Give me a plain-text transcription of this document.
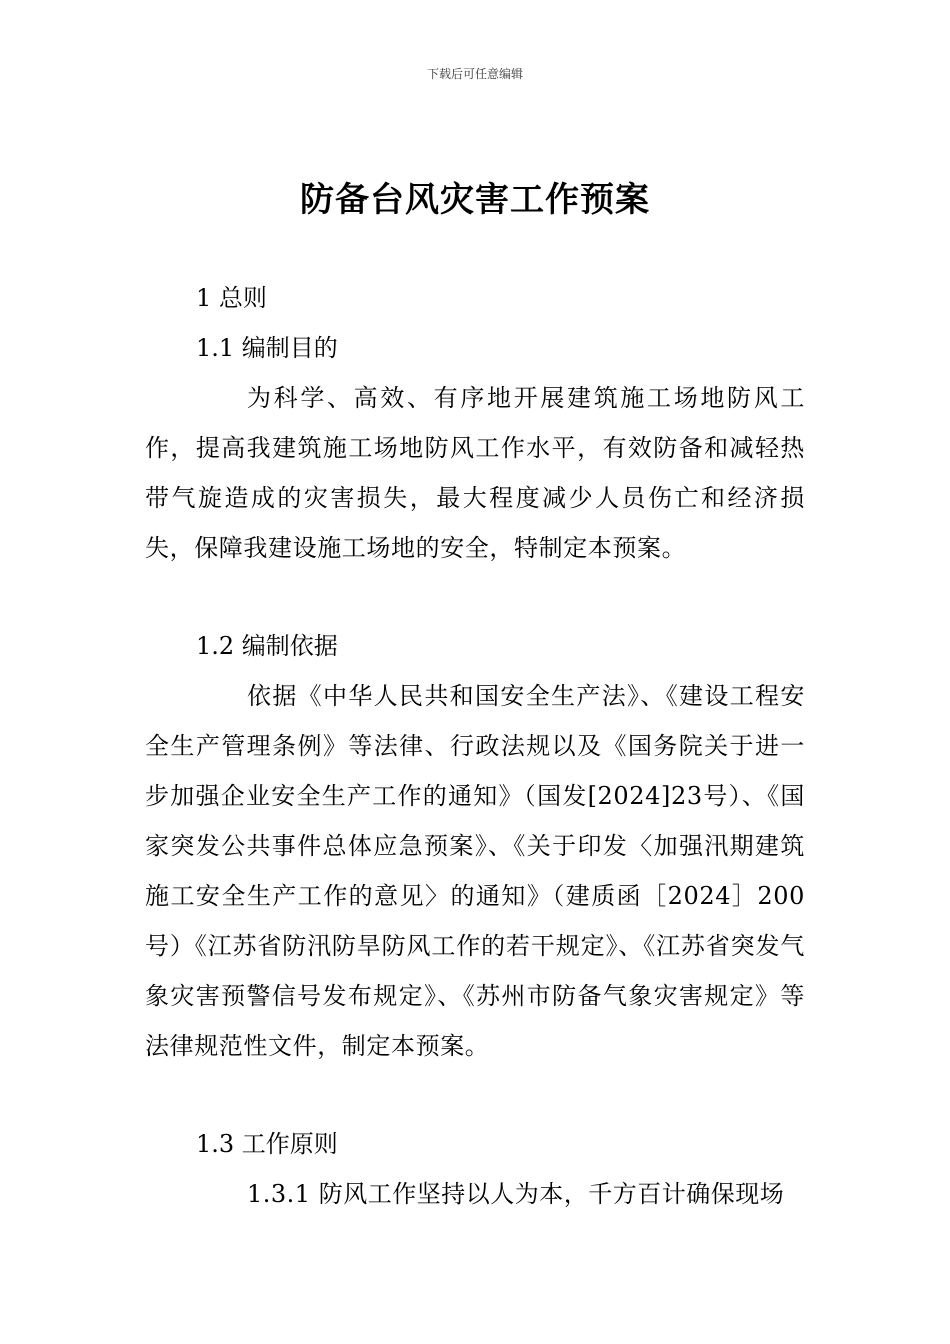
下载后可任意编辑
防备台风灾害工作预案
1 总则
1.1 编制目的
为科学、高效、有序地开展建筑施工场地防风工作，提高我建筑施工场地防风工作水平，有效防备和减轻热带气旋造成的灾害损失，最大程度减少人员伤亡和经济损失，保障我建设施工场地的安全，特制定本预案。
1.2 编制依据
依据《中华人民共和国安全生产法》、《建设工程安全生产管理条例》等法律、行政法规以及《国务院关于进一步加强企业安全生产工作的通知》（国发[2024]23号）、《国家突发公共事件总体应急预案》、《关于印发〈加强汛期建筑施工安全生产工作的意见〉的通知》（建质函［2024］200号）《江苏省防汛防旱防风工作的若干规定》、《江苏省突发气象灾害预警信号发布规定》、《苏州市防备气象灾害规定》等法律规范性文件，制定本预案。
1.3 工作原则
1.3.1 防风工作坚持以人为本，千方百计确保现场
